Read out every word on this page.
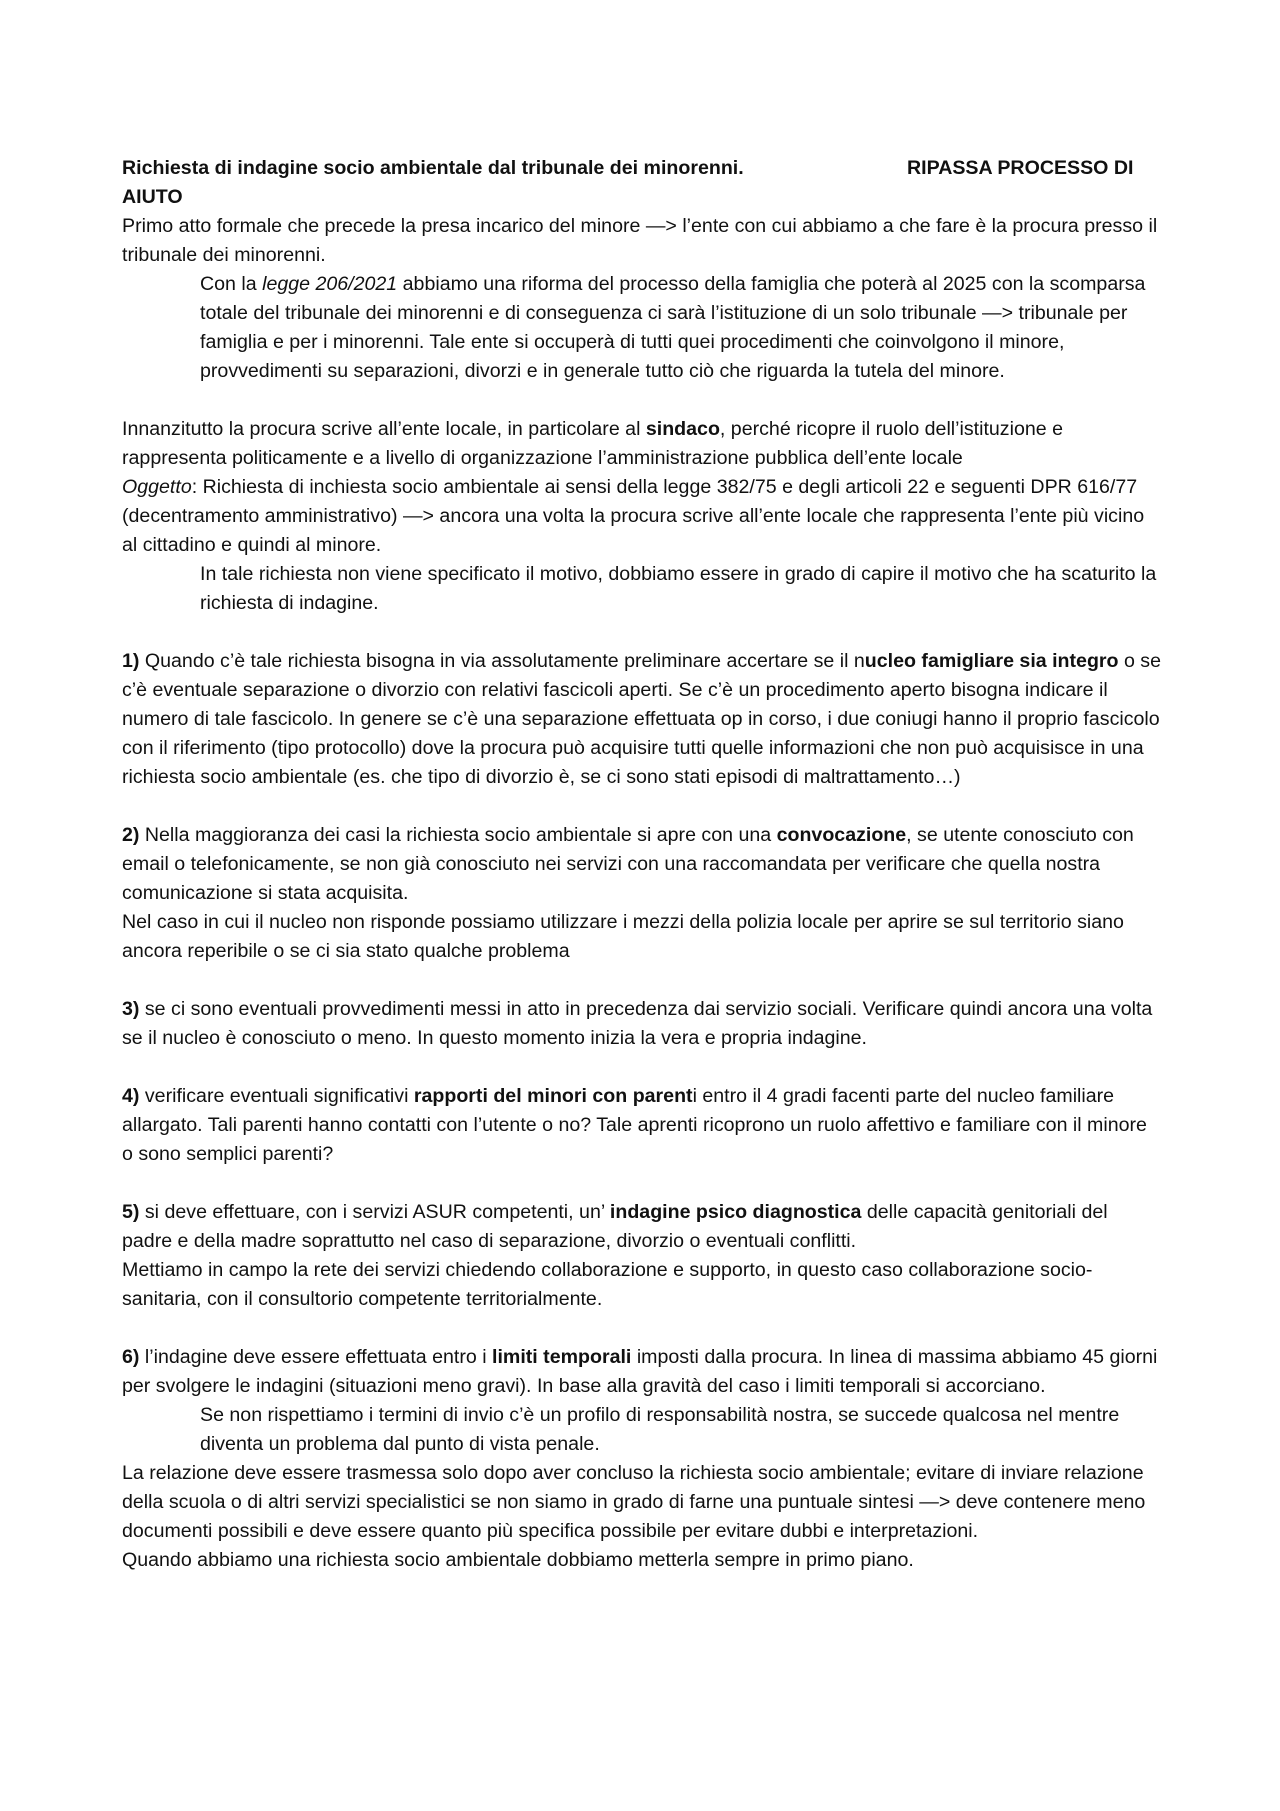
Richiesta di indagine socio ambientale dal tribunale dei minorenni.	RIPASSA PROCESSO DI

AIUTO

Primo atto formale che precede la presa incarico del minore —> l’ente con cui abbiamo a che fare è la procura presso il tribunale dei minorenni.

Con la legge 206/2021 abbiamo una riforma del processo della famiglia che poterà al 2025 con la scomparsa totale del tribunale dei minorenni e di conseguenza ci sarà l’istituzione di un solo tribunale —> tribunale per famiglia e per i minorenni. Tale ente si occuperà di tutti quei procedimenti che coinvolgono il minore, provvedimenti su separazioni, divorzi e in generale tutto ciò che riguarda la tutela del minore.

Innanzitutto la procura scrive all’ente locale, in particolare al sindaco, perché ricopre il ruolo dell’istituzione e rappresenta politicamente e a livello di organizzazione l’amministrazione pubblica dell’ente locale

Oggetto: Richiesta di inchiesta socio ambientale ai sensi della legge 382/75 e degli articoli 22 e seguenti DPR 616/77 (decentramento amministrativo) —> ancora una volta la procura scrive all’ente locale che rappresenta l’ente più vicino al cittadino e quindi al minore.

In tale richiesta non viene specificato il motivo, dobbiamo essere in grado di capire il motivo che ha scaturito la richiesta di indagine.

1) Quando c’è tale richiesta bisogna in via assolutamente preliminare accertare se il nucleo famigliare sia integro o se c’è eventuale separazione o divorzio con relativi fascicoli aperti. Se c’è un procedimento aperto bisogna indicare il numero di tale fascicolo. In genere se c’è una separazione effettuata op in corso, i due coniugi hanno il proprio fascicolo con il riferimento (tipo protocollo) dove la procura può acquisire tutti quelle informazioni che non può acquisisce in una richiesta socio ambientale (es. che tipo di divorzio è, se ci sono stati episodi di maltrattamento…)

2) Nella maggioranza dei casi la richiesta socio ambientale si apre con una convocazione, se utente conosciuto con email o telefonicamente, se non già conosciuto nei servizi con una raccomandata per verificare che quella nostra comunicazione si stata acquisita.

Nel caso in cui il nucleo non risponde possiamo utilizzare i mezzi della polizia locale per aprire se sul territorio siano ancora reperibile o se ci sia stato qualche problema

3) se ci sono eventuali provvedimenti messi in atto in precedenza dai servizio sociali. Verificare quindi ancora una volta se il nucleo è conosciuto o meno. In questo momento inizia la vera e propria indagine.

4) verificare eventuali significativi rapporti del minori con parenti entro il 4 gradi facenti parte del nucleo familiare allargato. Tali parenti hanno contatti con l’utente o no? Tale aprenti ricoprono un ruolo affettivo e familiare con il minore o sono semplici parenti?

5) si deve effettuare, con i servizi ASUR competenti, un’ indagine psico diagnostica delle capacità genitoriali del padre e della madre soprattutto nel caso di separazione, divorzio o eventuali conflitti.

Mettiamo in campo la rete dei servizi chiedendo collaborazione e supporto, in questo caso collaborazione socio-sanitaria, con il consultorio competente territorialmente.

6) l’indagine deve essere effettuata entro i limiti temporali imposti dalla procura. In linea di massima abbiamo 45 giorni per svolgere le indagini (situazioni meno gravi). In base alla gravità del caso i limiti temporali si accorciano.

Se non rispettiamo i termini di invio c’è un profilo di responsabilità nostra, se succede qualcosa nel mentre diventa un problema dal punto di vista penale.

La relazione deve essere trasmessa solo dopo aver concluso la richiesta socio ambientale; evitare di inviare relazione della scuola o di altri servizi specialistici se non siamo in grado di farne una puntuale sintesi —> deve contenere meno documenti possibili e deve essere quanto più specifica possibile per evitare dubbi e interpretazioni.

Quando abbiamo una richiesta socio ambientale dobbiamo metterla sempre in primo piano.
